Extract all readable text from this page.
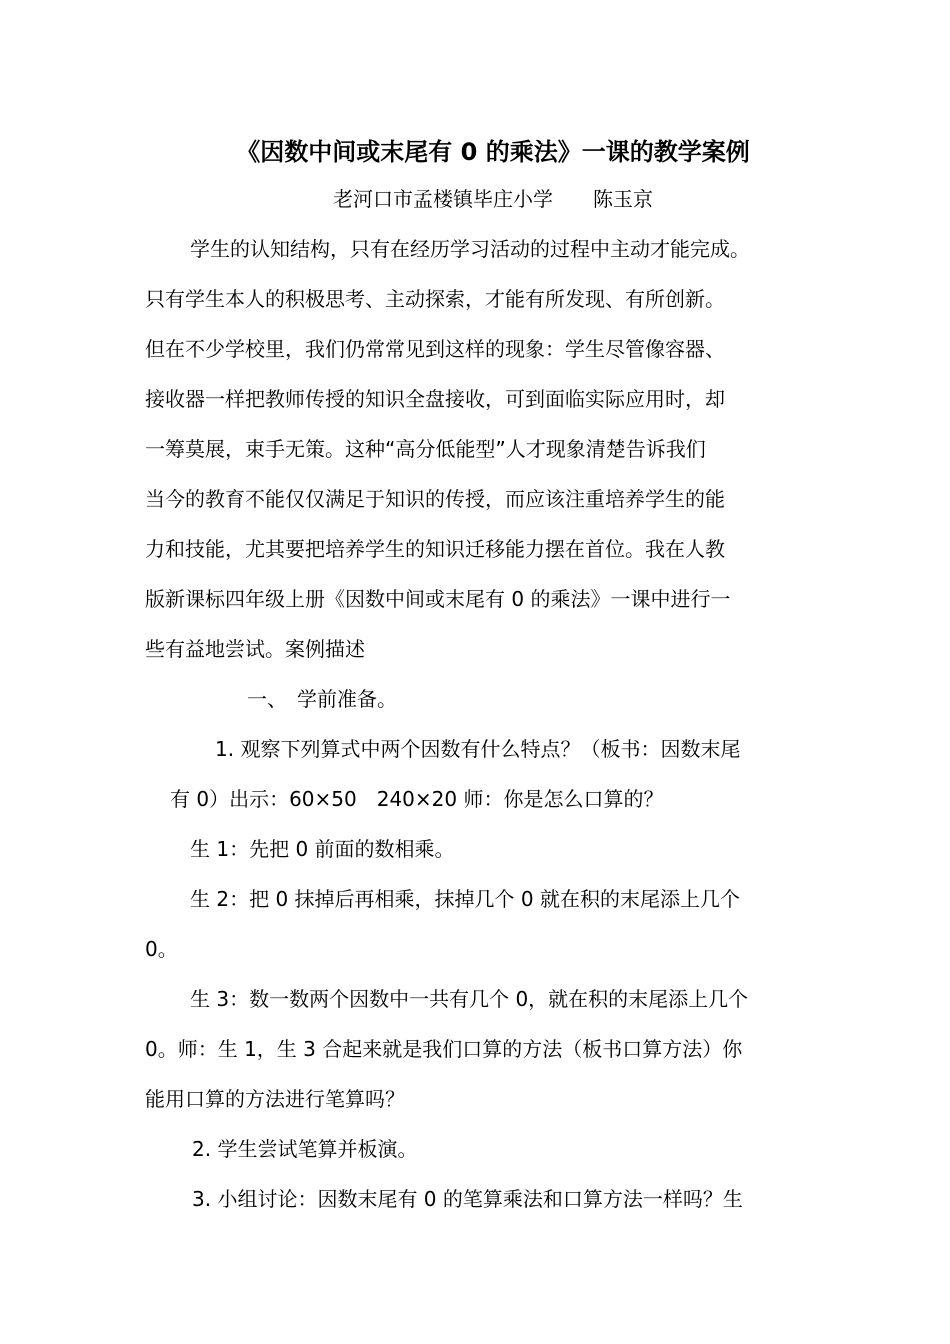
《因数中间或末尾有 0 的乘法》一课的教学案例
老河口市孟楼镇毕庄小学　　陈玉京
学生的认知结构，只有在经历学习活动的过程中主动才能完成。
只有学生本人的积极思考、主动探索，才能有所发现、有所创新。
但在不少学校里，我们仍常常见到这样的现象：学生尽管像容器、
接收器一样把教师传授的知识全盘接收，可到面临实际应用时，却
一筹莫展，束手无策。这种“高分低能型”人才现象清楚告诉我们
当今的教育不能仅仅满足于知识的传授，而应该注重培养学生的能
力和技能，尤其要把培养学生的知识迁移能力摆在首位。我在人教
版新课标四年级上册《因数中间或末尾有 0 的乘法》一课中进行一
些有益地尝试。案例描述
一、　学前准备。
1. 观察下列算式中两个因数有什么特点？（板书：因数末尾
有 0）出示：60×50　240×20 师：你是怎么口算的？
生 1：先把 0 前面的数相乘。
生 2：把 0 抹掉后再相乘，抹掉几个 0 就在积的末尾添上几个
0。
生 3：数一数两个因数中一共有几个 0，就在积的末尾添上几个
0。师：生 1，生 3 合起来就是我们口算的方法（板书口算方法）你
能用口算的方法进行笔算吗？
2. 学生尝试笔算并板演。
3. 小组讨论：因数末尾有 0 的笔算乘法和口算方法一样吗？生
